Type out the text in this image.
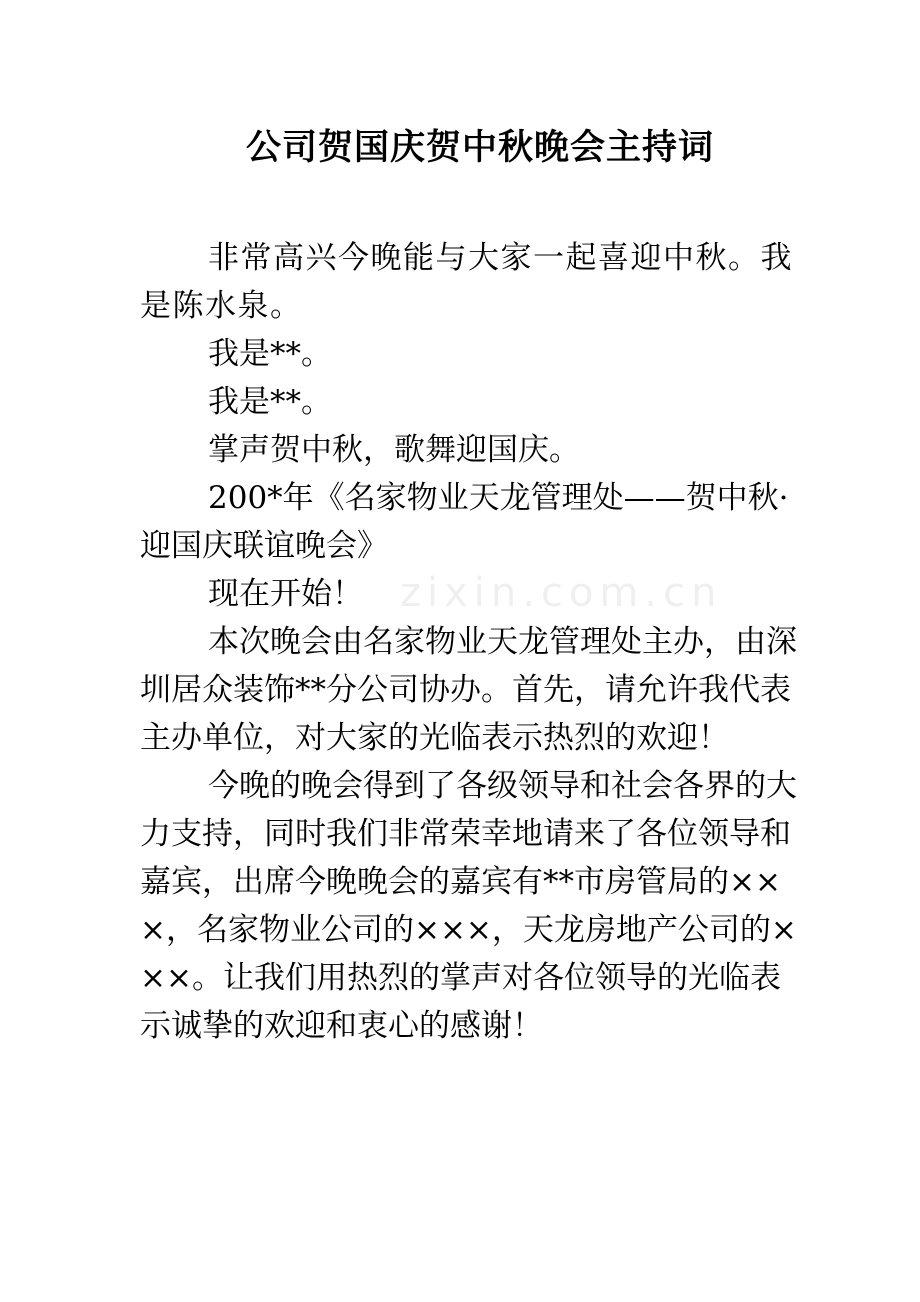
公司贺国庆贺中秋晚会主持词

非常高兴今晚能与大家一起喜迎中秋。我是陈水泉。

我是**。

我是**。

掌声贺中秋，歌舞迎国庆。

200*年《名家物业天龙管理处——贺中秋·迎国庆联谊晚会》

现在开始！

本次晚会由名家物业天龙管理处主办，由深圳居众装饰**分公司协办。首先，请允许我代表主办单位，对大家的光临表示热烈的欢迎！

今晚的晚会得到了各级领导和社会各界的大力支持，同时我们非常荣幸地请来了各位领导和嘉宾，出席今晚晚会的嘉宾有**市房管局的×××，名家物业公司的×××，天龙房地产公司的×××。让我们用热烈的掌声对各位领导的光临表示诚挚的欢迎和衷心的感谢！

zixin.com.cn
